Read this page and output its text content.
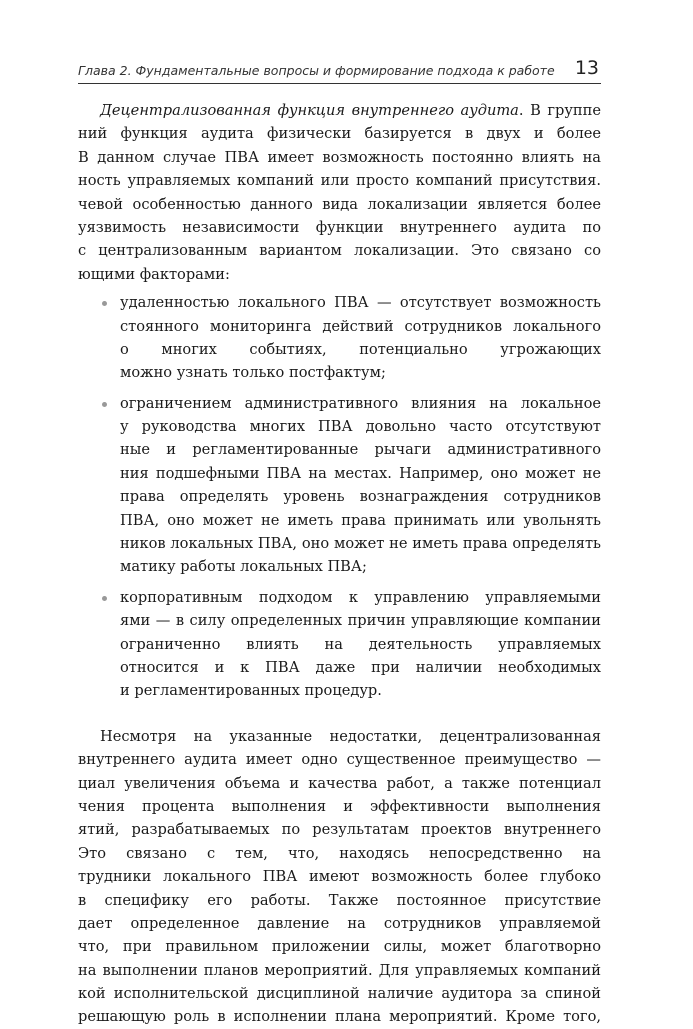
Глава 2. Фундаментальные вопросы и формирование подхода к работе 13
Децентрализованная функция внутреннего аудита. В группе
ний функция аудита физически базируется в двух и более
В данном случае ПВА имеет возможность постоянно влиять на
ность управляемых компаний или просто компаний присутствия.
чевой особенностью данного вида локализации является более
уязвимость независимости функции внутреннего аудита по
с централизованным вариантом локализации. Это связано со
ющими факторами:
удаленностью локального ПВА — отсутствует возможность
стоянного мониторинга действий сотрудников локального
о многих событиях, потенциально угрожающих
можно узнать только постфактум;
ограничением административного влияния на локальное
у руководства многих ПВА довольно часто отсутствуют
ные и регламентированные рычаги административного
ния подшефными ПВА на местах. Например, оно может не
права определять уровень вознаграждения сотрудников
ПВА, оно может не иметь права принимать или увольнять
ников локальных ПВА, оно может не иметь права определять
матику работы локальных ПВА;
корпоративным подходом к управлению управляемыми
ями — в силу определенных причин управляющие компании
ограниченно влиять на деятельность управляемых
относится и к ПВА даже при наличии необходимых
и регламентированных процедур.
Несмотря на указанные недостатки, децентрализованная
внутреннего аудита имеет одно существенное преимущество —
циал увеличения объема и качества работ, а также потенциал
чения процента выполнения и эффективности выполнения
ятий, разрабатываемых по результатам проектов внутреннего
Это связано с тем, что, находясь непосредственно на
трудники локального ПВА имеют возможность более глубоко
в специфику его работы. Также постоянное присутствие
дает определенное давление на сотрудников управляемой
что, при правильном приложении силы, может благотворно
на выполнении планов мероприятий. Для управляемых компаний
кой исполнительской дисциплиной наличие аудитора за спиной
решающую роль в исполнении плана мероприятий. Кроме того,
